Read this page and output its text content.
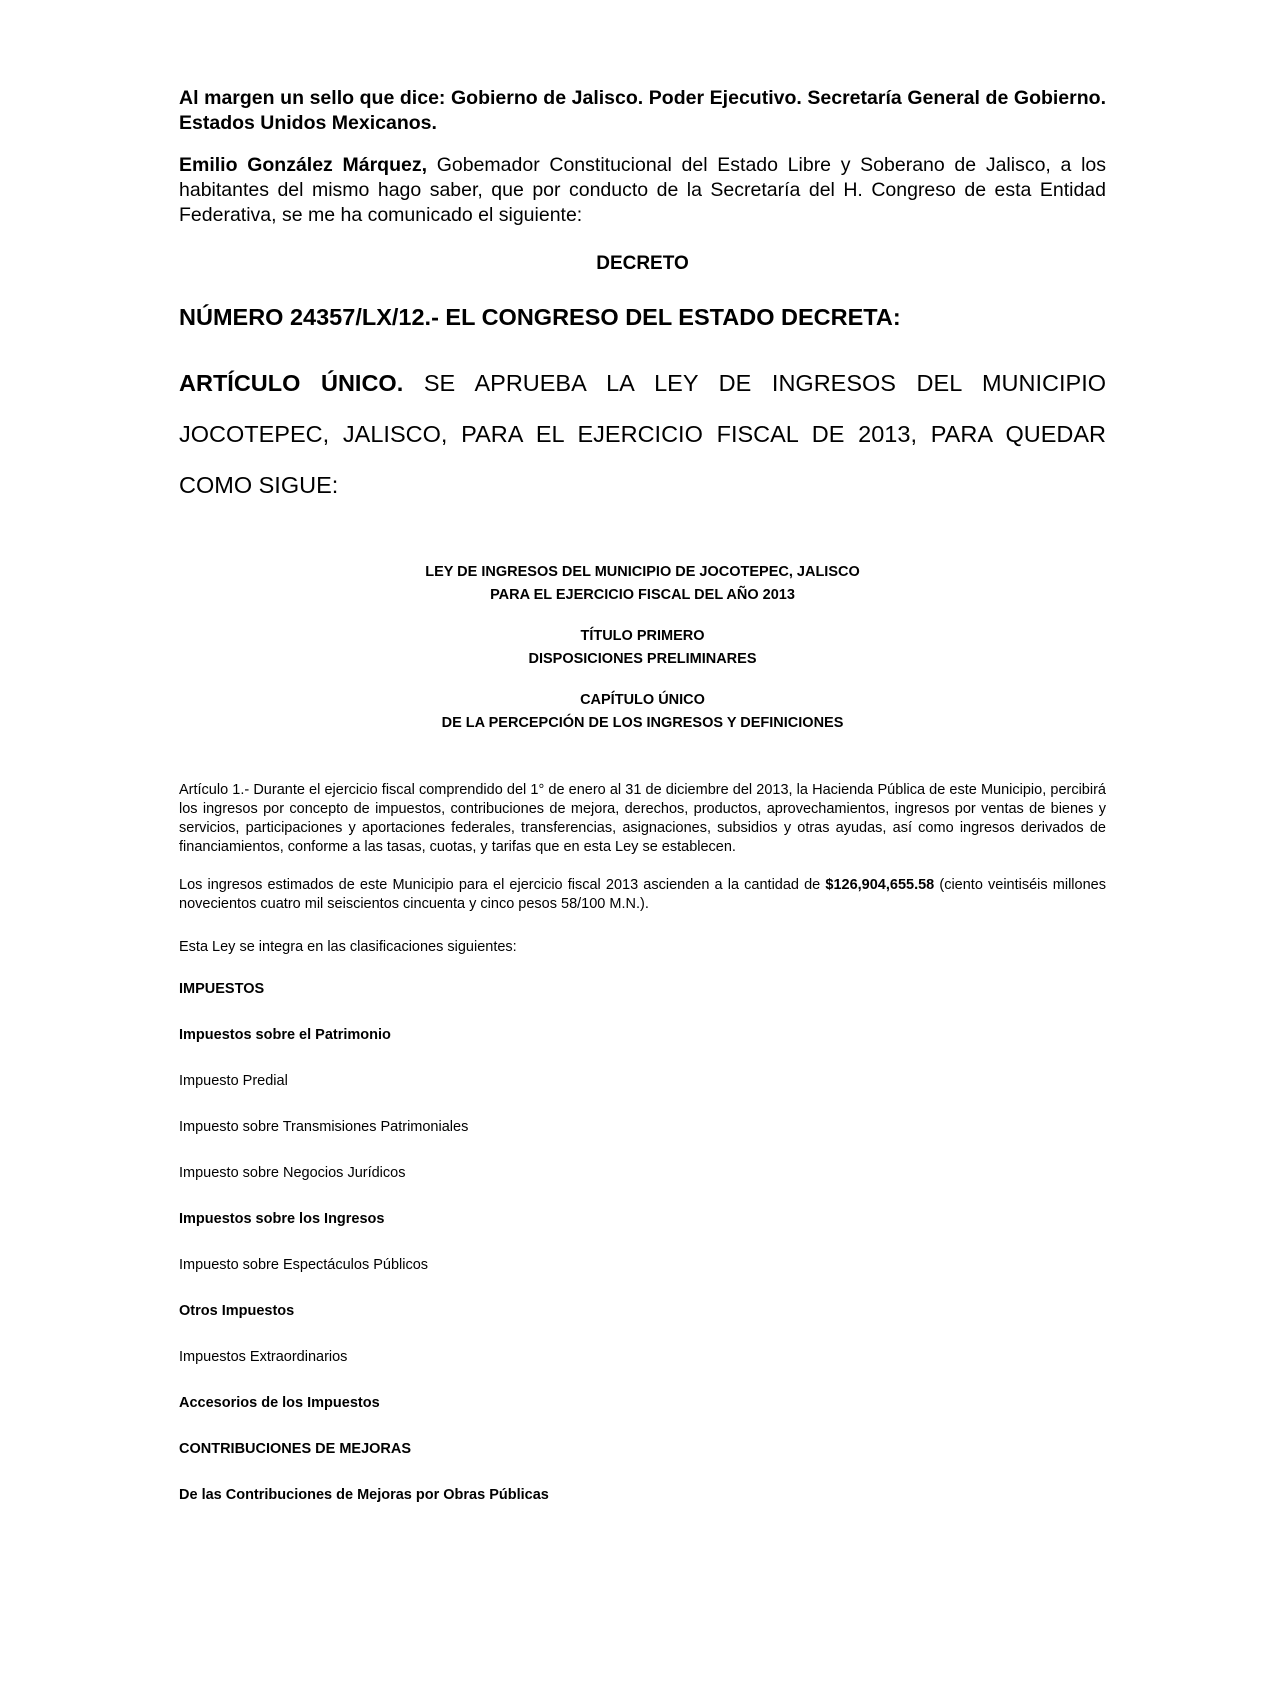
Al margen un sello que dice: Gobierno de Jalisco. Poder Ejecutivo. Secretaría General de Gobierno. Estados Unidos Mexicanos.

Emilio González Márquez, Gobemador Constitucional del Estado Libre y Soberano de Jalisco, a los habitantes del mismo hago saber, que por conducto de la Secretaría del H. Congreso de esta Entidad Federativa, se me ha comunicado el siguiente:

DECRETO
NÚMERO 24357/LX/12.- EL CONGRESO DEL ESTADO DECRETA:

ARTÍCULO ÚNICO. SE APRUEBA LA LEY DE INGRESOS DEL MUNICIPIO JOCOTEPEC, JALISCO, PARA EL EJERCICIO FISCAL DE 2013, PARA QUEDAR COMO SIGUE:

LEY DE INGRESOS DEL MUNICIPIO DE JOCOTEPEC, JALISCO
PARA EL EJERCICIO FISCAL DEL AÑO 2013
TÍTULO PRIMERO
DISPOSICIONES PRELIMINARES
CAPÍTULO ÚNICO
DE LA PERCEPCIÓN DE LOS INGRESOS Y DEFINICIONES

Artículo 1.- Durante el ejercicio fiscal comprendido del 1° de enero al 31 de diciembre del 2013, la Hacienda Pública de este Municipio, percibirá los ingresos por concepto de impuestos, contribuciones de mejora, derechos, productos, aprovechamientos, ingresos por ventas de bienes y servicios, participaciones y aportaciones federales, transferencias, asignaciones, subsidios y otras ayudas, así como ingresos derivados de financiamientos, conforme a las tasas, cuotas, y tarifas que en esta Ley se establecen.

Los ingresos estimados de este Municipio para el ejercicio fiscal 2013 ascienden a la cantidad de $126,904,655.58 (ciento veintiséis millones novecientos cuatro mil seiscientos cincuenta y cinco pesos 58/100 M.N.).

Esta Ley se integra en las clasificaciones siguientes:

IMPUESTOS

Impuestos sobre el Patrimonio

Impuesto Predial

Impuesto sobre Transmisiones Patrimoniales

Impuesto sobre Negocios Jurídicos

Impuestos sobre los Ingresos

Impuesto sobre Espectáculos Públicos

Otros Impuestos

Impuestos Extraordinarios

Accesorios de los Impuestos

CONTRIBUCIONES DE MEJORAS

De las Contribuciones de Mejoras por Obras Públicas
